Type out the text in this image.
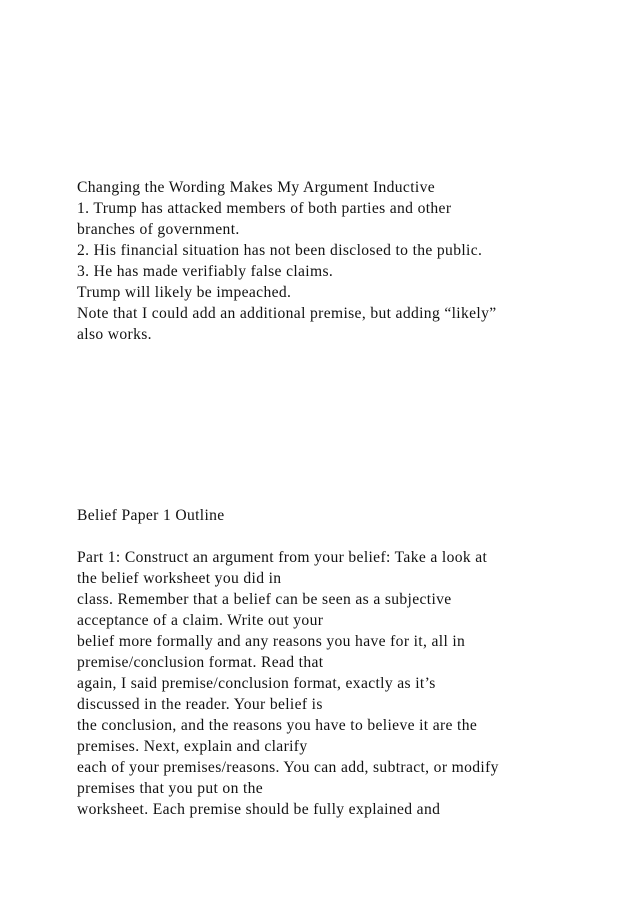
Changing the Wording Makes My Argument Inductive
1. Trump has attacked members of both parties and other
branches of government.
2. His financial situation has not been disclosed to the public.
3. He has made verifiably false claims.
Trump will likely be impeached.
Note that I could add an additional premise, but adding “likely”
also works.
Belief Paper 1 Outline
Part 1: Construct an argument from your belief: Take a look at
the belief worksheet you did in
class. Remember that a belief can be seen as a subjective
acceptance of a claim. Write out your
belief more formally and any reasons you have for it, all in
premise/conclusion format. Read that
again, I said premise/conclusion format, exactly as it’s
discussed in the reader. Your belief is
the conclusion, and the reasons you have to believe it are the
premises. Next, explain and clarify
each of your premises/reasons. You can add, subtract, or modify
premises that you put on the
worksheet. Each premise should be fully explained and
